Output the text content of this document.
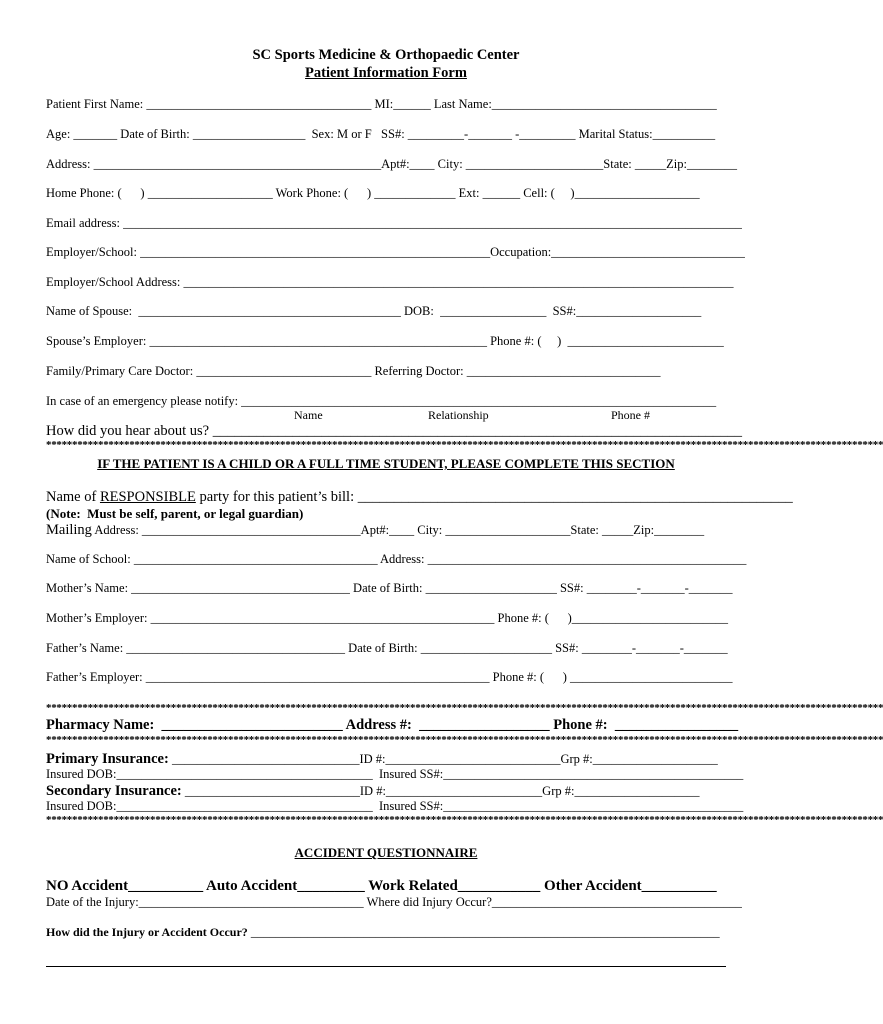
SC Sports Medicine & Orthopaedic Center
Patient Information Form
Patient First Name: ____________________________________ MI:______ Last Name:____________________________________
Age: _______ Date of Birth: __________________  Sex: M or F   SS#: _________-_______ -_________ Marital Status:__________
Address: ______________________________________________Apt#:____ City: ______________________State: _____Zip:________
Home Phone: (      ) ____________________ Work Phone: (      ) _____________ Ext: ______ Cell: (     )____________________
Email address: ___________________________________________________________________________________________________
Employer/School: ________________________________________________________Occupation:_______________________________
Employer/School Address: ________________________________________________________________________________________
Name of Spouse:  __________________________________________ DOB:  _________________  SS#:____________________
Spouse’s Employer: ______________________________________________________ Phone #: (     )  _________________________
Family/Primary Care Doctor: ____________________________ Referring Doctor: _______________________________
In case of an emergency please notify: ____________________________________________________________________________
Name	Relationship	Phone #
How did you hear about us? _________________________________________________________________________
*****************************************************************************************************************************************************************
IF THE PATIENT IS A CHILD OR A FULL TIME STUDENT, PLEASE COMPLETE THIS SECTION
Name of RESPONSIBLE party for this patient’s bill: ____________________________________________________________
(Note:  Must be self, parent, or legal guardian)
Mailing Address: ___________________________________Apt#:____ City: ____________________State: _____Zip:________
Name of School: _______________________________________ Address: ___________________________________________________
Mother’s Name: ___________________________________ Date of Birth: _____________________ SS#: ________-_______-_______
Mother’s Employer: _______________________________________________________ Phone #: (      )_________________________
Father’s Name: ___________________________________ Date of Birth: _____________________ SS#: ________-_______-_______
Father’s Employer: _______________________________________________________ Phone #: (      ) __________________________
*****************************************************************************************************************************************************************
Pharmacy Name:  _________________________ Address #:  __________________ Phone #:  _________________
*****************************************************************************************************************************************************************
Primary Insurance: ______________________________ID #:____________________________Grp #:____________________
Insured DOB:_________________________________________  Insured SS#:________________________________________________
Secondary Insurance: ____________________________ID #:_________________________Grp #:____________________
Insured DOB:_________________________________________  Insured SS#:________________________________________________
*****************************************************************************************************************************************************************
ACCIDENT QUESTIONNAIRE
NO Accident__________ Auto Accident_________ Work Related___________ Other Accident__________
Date of the Injury:____________________________________ Where did Injury Occur?________________________________________
How did the Injury or Accident Occur? ___________________________________________________________________________
